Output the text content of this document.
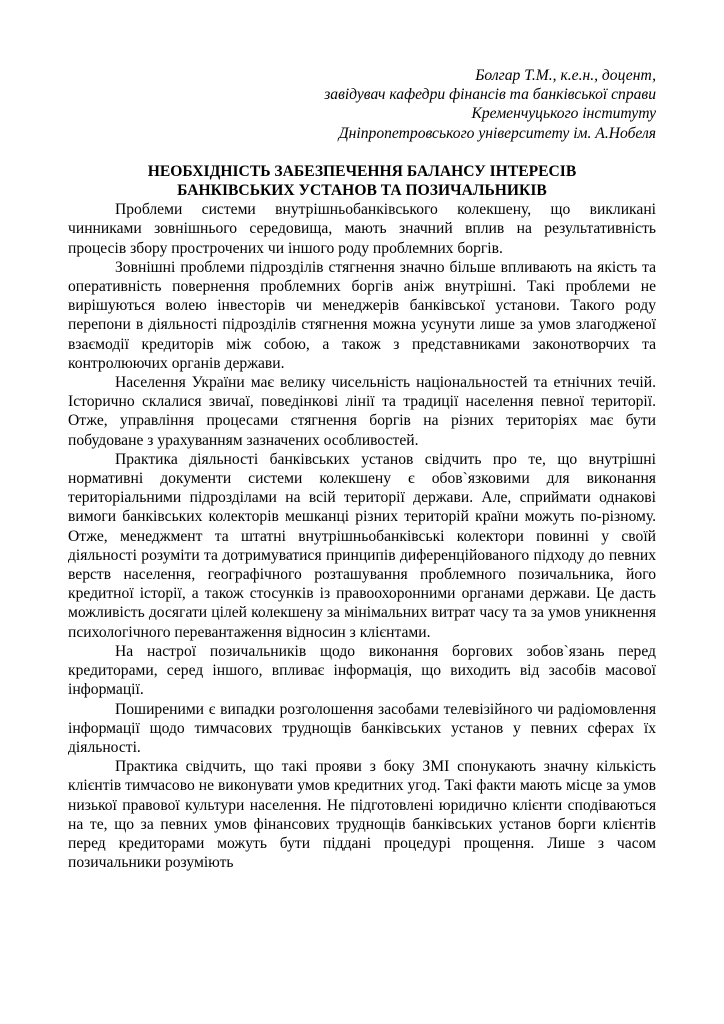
Болгар Т.М., к.е.н., доцент,
завідувач кафедри фінансів та банківської справи
Кременчуцького інституту
Дніпропетровського університету ім. А.Нобеля
НЕОБХІДНІСТЬ ЗАБЕЗПЕЧЕННЯ БАЛАНСУ ІНТЕРЕСІВ
БАНКІВСЬКИХ УСТАНОВ ТА ПОЗИЧАЛЬНИКІВ

Проблеми системи внутрішньобанківського колекшену, що викликані чинниками зовнішнього середовища, мають значний вплив на результативність процесів збору прострочених чи іншого роду проблемних боргів.

Зовнішні проблеми підрозділів стягнення значно більше впливають на якість та оперативність повернення проблемних боргів аніж внутрішні. Такі проблеми не вирішуються волею інвесторів чи менеджерів банківської установи. Такого роду перепони в діяльності підрозділів стягнення можна усунути лише за умов злагодженої взаємодії кредиторів між собою, а також з представниками законотворчих та контролюючих органів держави.

Населення України має велику чисельність національностей та етнічних течій. Історично склалися звичаї, поведінкові лінії та традиції населення певної території. Отже, управління процесами стягнення боргів на різних територіях має бути побудоване з урахуванням зазначених особливостей.

Практика діяльності банківських установ свідчить про те, що внутрішні нормативні документи системи колекшену є обов`язковими для виконання територіальними підрозділами на всій території держави. Але, сприймати однакові вимоги банківських колекторів мешканці різних територій країни можуть по-різному. Отже, менеджмент та штатні внутрішньобанківські колектори повинні у своїй діяльності розуміти та дотримуватися принципів диференційованого підходу до певних верств населення, географічного розташування проблемного позичальника, його кредитної історії, а також стосунків із правоохоронними органами держави. Це дасть можливість досягати цілей колекшену за мінімальних витрат часу та за умов уникнення психологічного перевантаження відносин з клієнтами.

На настрої позичальників щодо виконання боргових зобов`язань перед кредиторами, серед іншого, впливає інформація, що виходить від засобів масової інформації.

Поширеними є випадки розголошення засобами телевізійного чи радіомовлення інформації щодо тимчасових труднощів банківських установ у певних сферах їх діяльності.

Практика свідчить, що такі прояви з боку ЗМІ спонукають значну кількість клієнтів тимчасово не виконувати умов кредитних угод. Такі факти мають місце за умов низької правової культури населення. Не підготовлені юридично клієнти сподіваються на те, що за певних умов фінансових труднощів банківських установ борги клієнтів перед кредиторами можуть бути піддані процедурі прощення. Лише з часом позичальники розуміють
